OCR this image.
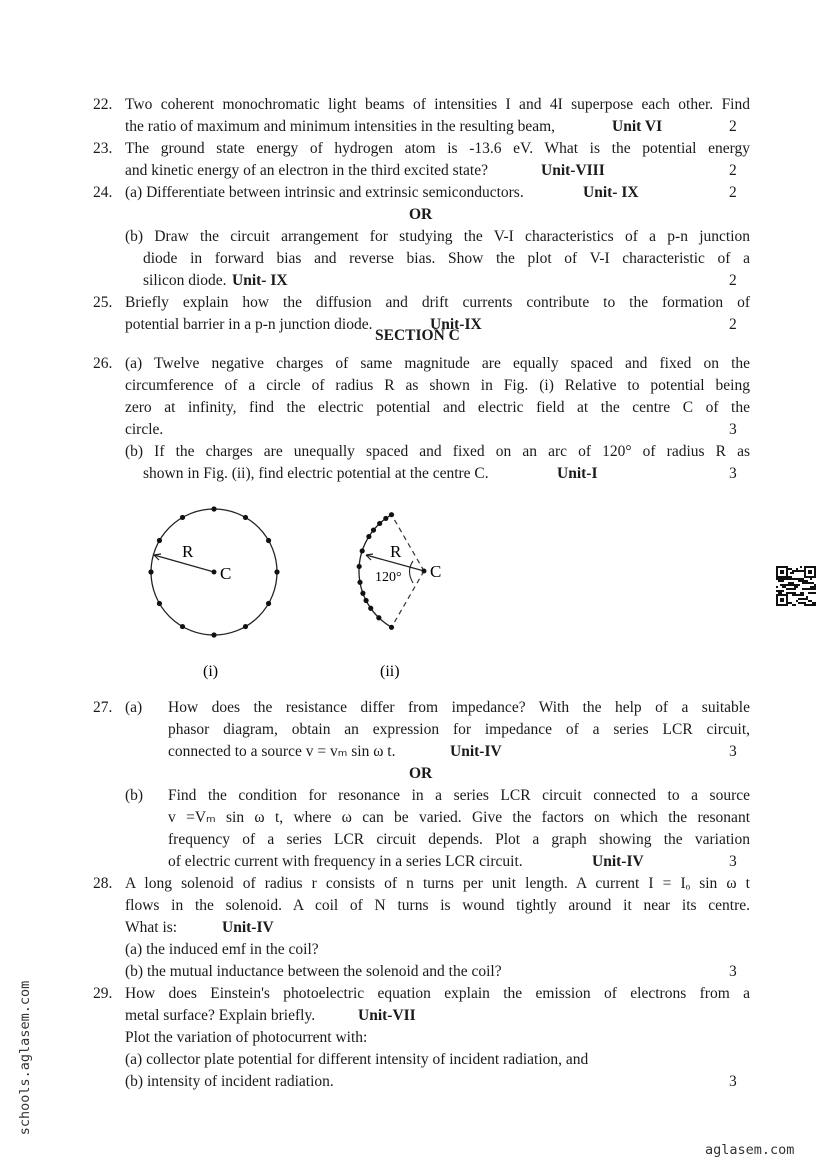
22. Two coherent monochromatic light beams of intensities I and 4I superpose each other. Find
the ratio of maximum and minimum intensities in the resulting beam,	Unit VI	2
23. The ground state energy of hydrogen atom is -13.6 eV. What is the potential energy
and kinetic energy of an electron in the third excited state?	Unit-VIII	2
24. (a) Differentiate between intrinsic and extrinsic semiconductors.	Unit- IX	2
OR
(b) Draw the circuit arrangement for studying the V-I characteristics of a p-n junction
diode in forward bias and reverse bias. Show the plot of V-I characteristic of a
silicon diode. Unit- IX	2
25. Briefly explain how the diffusion and drift currents contribute to the formation of
potential barrier in a p-n junction diode.	Unit-IX	2
SECTION C
26. (a) Twelve negative charges of same magnitude are equally spaced and fixed on the
circumference of a circle of radius R as shown in Fig. (i) Relative to potential being
zero at infinity, find the electric potential and electric field at the centre C of the
circle.	3
(b) If the charges are unequally spaced and fixed on an arc of 120° of radius R as
shown in Fig. (ii), find electric potential at the centre C.	Unit-I	3
R
C
(i)
R
C
120°
(ii)
27. (a) How does the resistance differ from impedance? With the help of a suitable
phasor diagram, obtain an expression for impedance of a series LCR circuit,
connected to a source v = vₘ sin ω t.	Unit-IV	3
OR
(b) Find the condition for resonance in a series LCR circuit connected to a source
v =Vₘ sin ω t, where ω can be varied. Give the factors on which the resonant
frequency of a series LCR circuit depends. Plot a graph showing the variation
of electric current with frequency in a series LCR circuit.	Unit-IV	3
28. A long solenoid of radius r consists of n turns per unit length. A current I = Iₒ sin ω t
flows in the solenoid. A coil of N turns is wound tightly around it near its centre.
What is:	Unit-IV
(a) the induced emf in the coil?
(b) the mutual inductance between the solenoid and the coil?	3
29. How does Einstein's photoelectric equation explain the emission of electrons from a
metal surface? Explain briefly.	Unit-VII
Plot the variation of photocurrent with:
(a) collector plate potential for different intensity of incident radiation, and
(b) intensity of incident radiation.	3
schools.aglasem.com
aglasem.com
